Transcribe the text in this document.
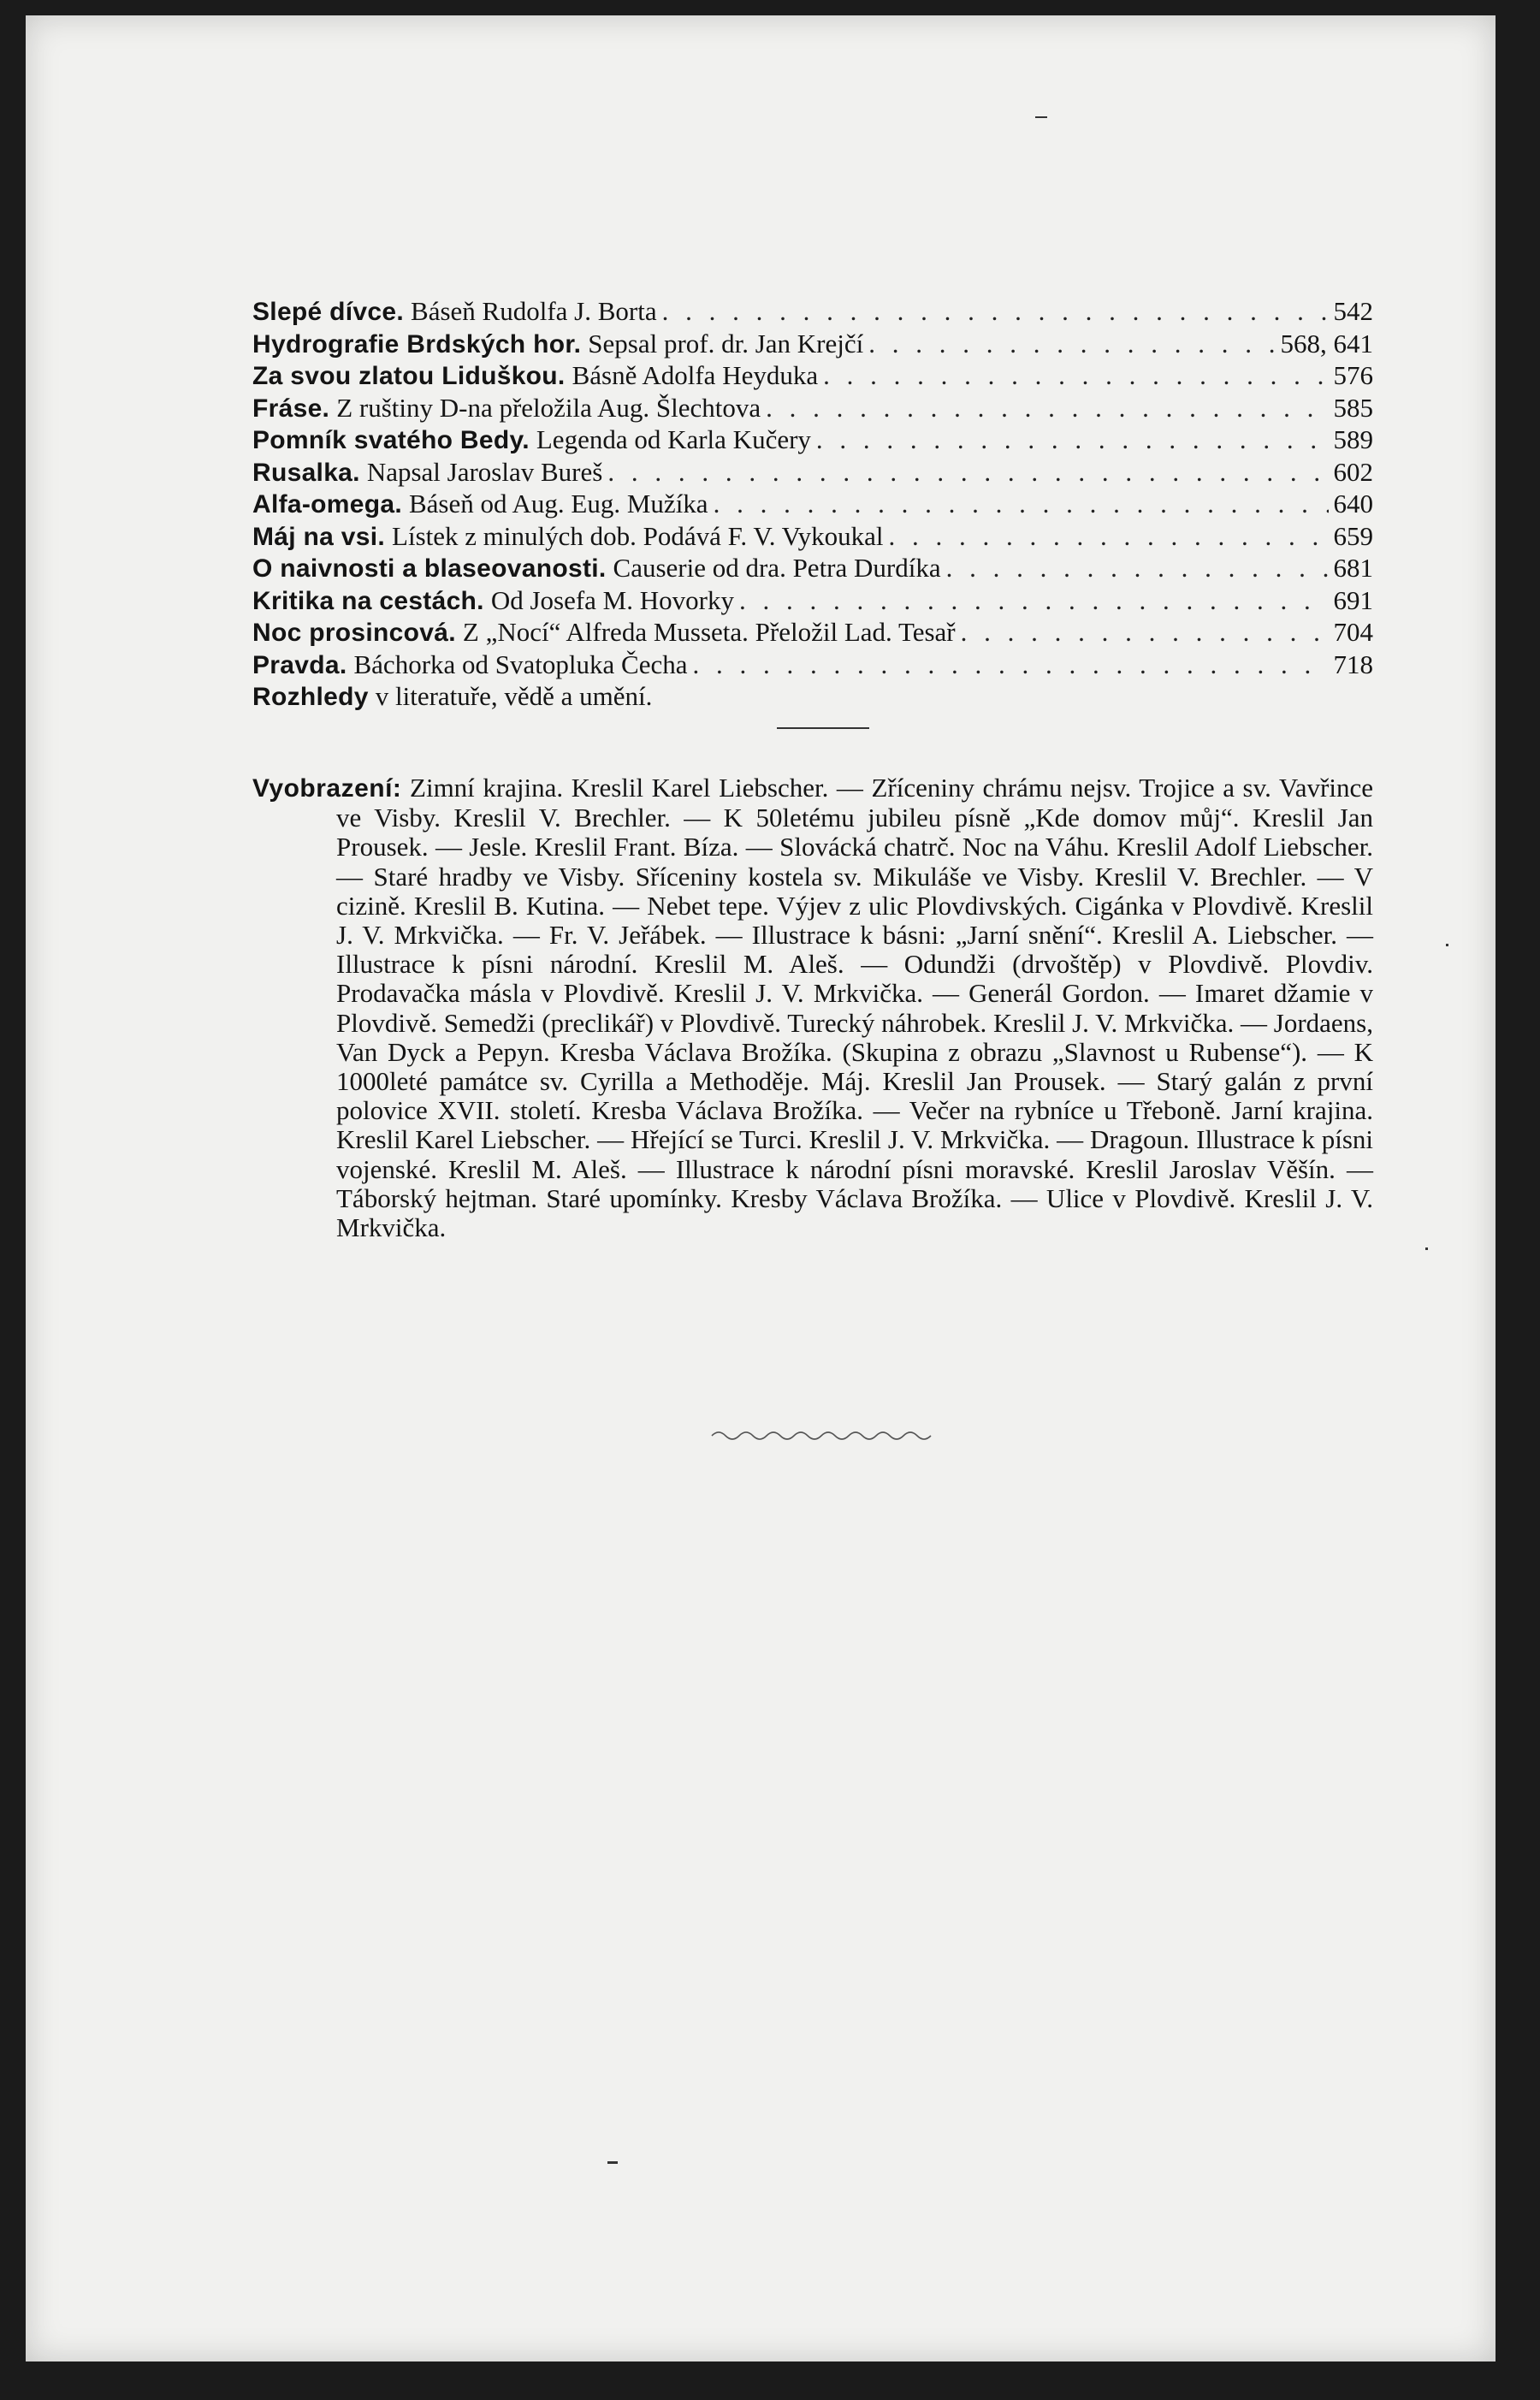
Slepé dívce. Báseň Rudolfa J. Borta . . .	542
Hydrografie Brdských hor. Sepsal prof. dr. Jan Krejčí . . .	568, 641
Za svou zlatou Liduškou. Básně Adolfa Heyduka . . .	576
Fráse. Z ruštiny D-na přeložila Aug. Šlechtova . . .	585
Pomník svatého Bedy. Legenda od Karla Kučery . . .	589
Rusalka. Napsal Jaroslav Bureš . . .	602
Alfa-omega. Báseň od Aug. Eug. Mužíka . . .	640
Máj na vsi. Lístek z minulých dob. Podává F. V. Vykoukal . . .	659
O naivnosti a blaseovanosti. Causerie od dra. Petra Durdíka . . .	681
Kritika na cestách. Od Josefa M. Hovorky . . .	691
Noc prosincová. Z „Nocí“ Alfreda Musseta. Přeložil Lad. Tesař . . .	704
Pravda. Báchorka od Svatopluka Čecha . . .	718
Rozhledy v literatuře, vědě a umění.

Vyobrazení: Zimní krajina. Kreslil Karel Liebscher. — Zříceniny chrámu nejsv. Trojice a sv. Vavřince ve Visby. Kreslil V. Brechler. — K 50letému jubileu písně „Kde domov můj“. Kreslil Jan Prousek. — Jesle. Kreslil Frant. Bíza. — Slovácká chatrč. Noc na Váhu. Kreslil Adolf Liebscher. — Staré hradby ve Visby. Sříceniny kostela sv. Mikuláše ve Visby. Kreslil V. Brechler. — V cizině. Kreslil B. Kutina. — Nebet tepe. Výjev z ulic Plovdivských. Cigánka v Plovdivě. Kreslil J. V. Mrkvička. — Fr. V. Jeřábek. — Illustrace k básni: „Jarní snění“. Kreslil A. Liebscher. — Illustrace k písni národní. Kreslil M. Aleš. — Odundži (drvoštěp) v Plovdivě. Plovdiv. Prodavačka másla v Plovdivě. Kreslil J. V. Mrkvička. — Generál Gordon. — Imaret džamie v Plovdivě. Semedži (preclikář) v Plovdivě. Turecký náhrobek. Kreslil J. V. Mrkvička. — Jordaens, Van Dyck a Pepyn. Kresba Václava Brožíka. (Skupina z obrazu „Slavnost u Rubense“). — K 1000leté památce sv. Cyrilla a Methoděje. Máj. Kreslil Jan Prousek. — Starý galán z první polovice XVII. století. Kresba Václava Brožíka. — Večer na rybníce u Třeboně. Jarní krajina. Kreslil Karel Liebscher. — Hřející se Turci. Kreslil J. V. Mrkvička. — Dragoun. Illustrace k písni vojenské. Kreslil M. Aleš. — Illustrace k národní písni moravské. Kreslil Jaroslav Věšín. — Táborský hejtman. Staré upomínky. Kresby Václava Brožíka. — Ulice v Plovdivě. Kreslil J. V. Mrkvička.
